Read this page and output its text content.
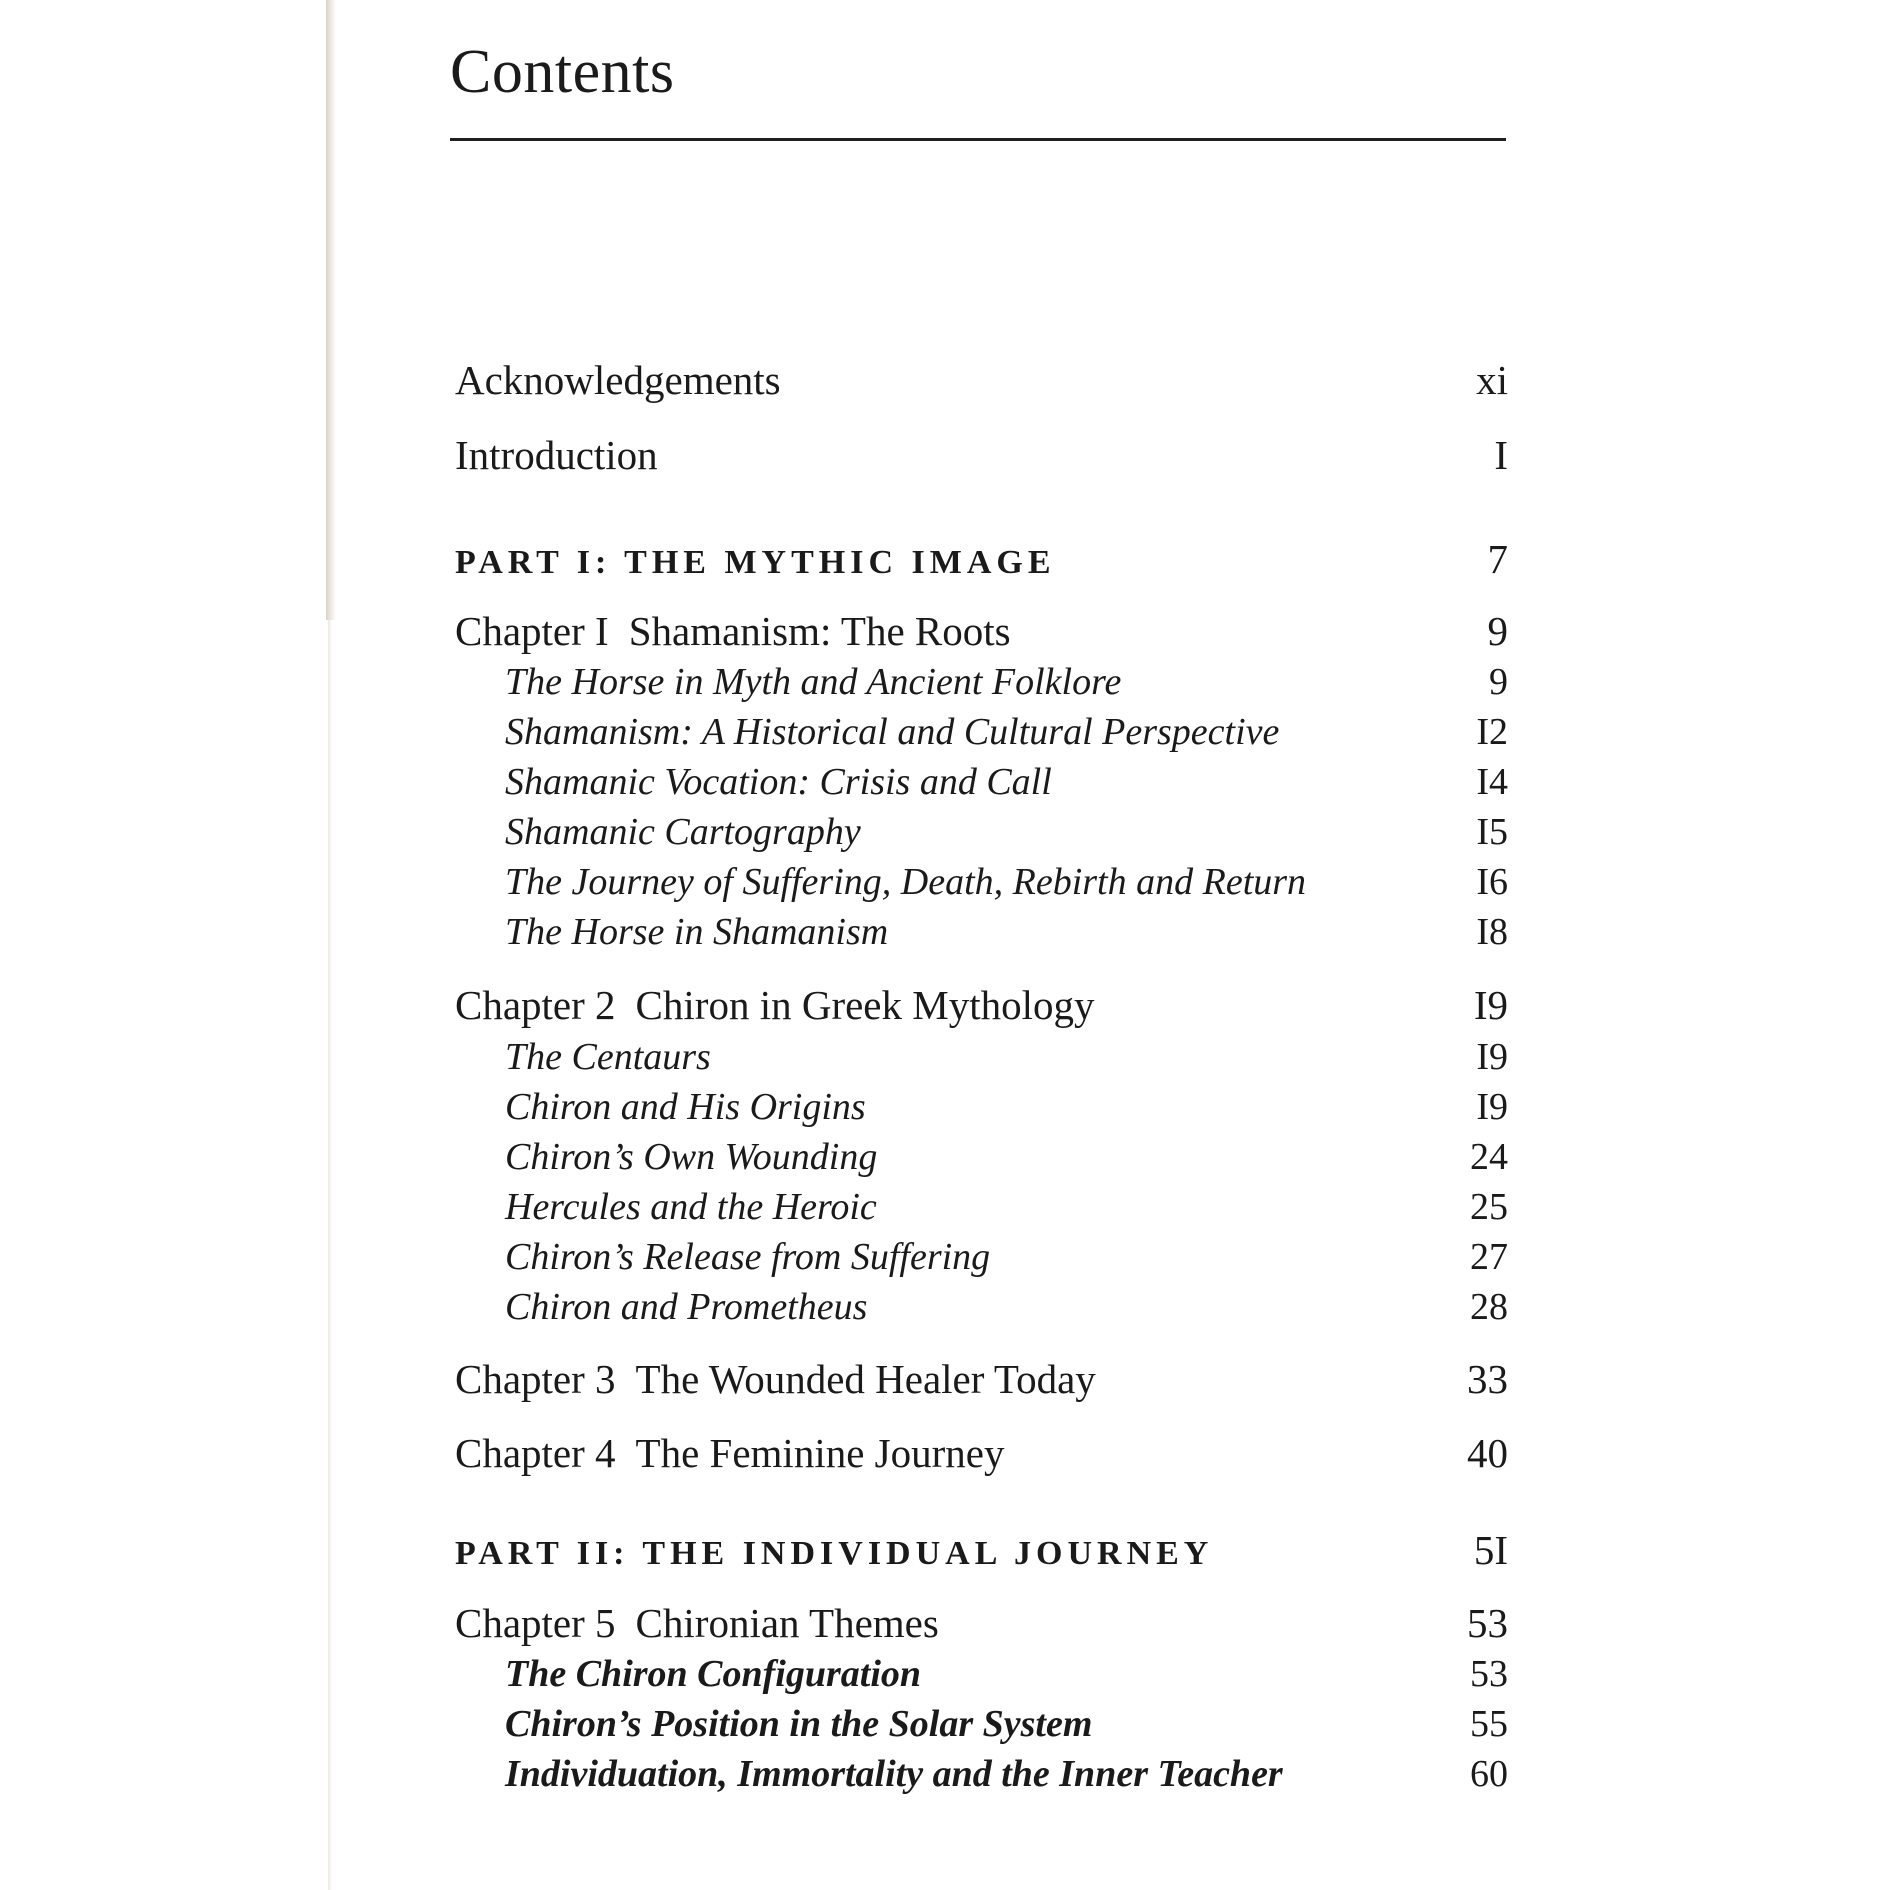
Contents
Acknowledgements	xi
Introduction	I
PART I: THE MYTHIC IMAGE	7
Chapter I Shamanism: The Roots	9
The Horse in Myth and Ancient Folklore	9
Shamanism: A Historical and Cultural Perspective	I2
Shamanic Vocation: Crisis and Call	I4
Shamanic Cartography	I5
The Journey of Suffering, Death, Rebirth and Return	I6
The Horse in Shamanism	I8
Chapter 2 Chiron in Greek Mythology	I9
The Centaurs	I9
Chiron and His Origins	I9
Chiron’s Own Wounding	24
Hercules and the Heroic	25
Chiron’s Release from Suffering	27
Chiron and Prometheus	28
Chapter 3 The Wounded Healer Today	33
Chapter 4 The Feminine Journey	40
PART II: THE INDIVIDUAL JOURNEY	5I
Chapter 5 Chironian Themes	53
The Chiron Configuration	53
Chiron’s Position in the Solar System	55
Individuation, Immortality and the Inner Teacher	60
